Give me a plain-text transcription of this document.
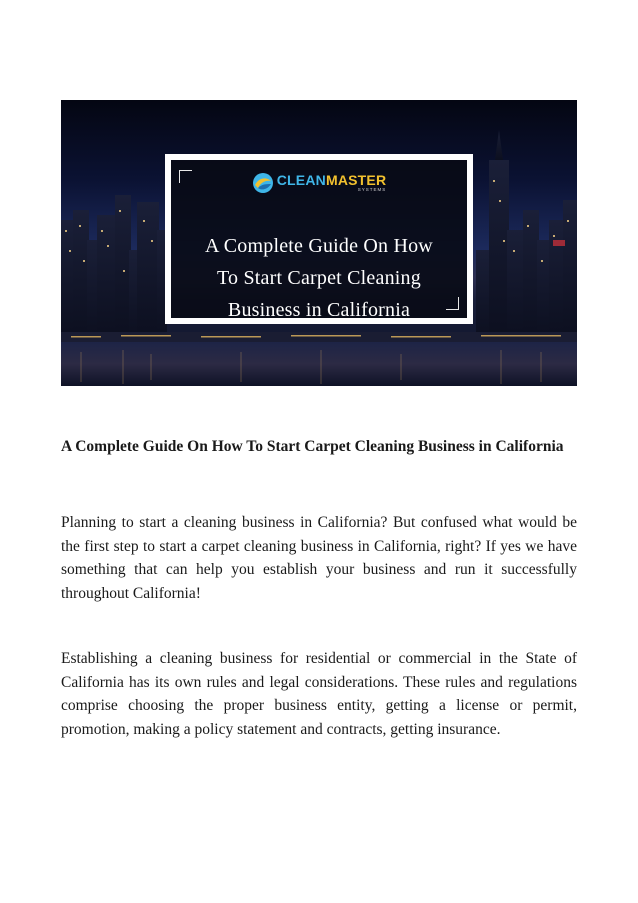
CLEANMASTER
SYSTEMS
A Complete Guide On How
To Start Carpet Cleaning
Business in California
A Complete Guide On How To Start Carpet Cleaning Business in California

Planning to start a cleaning business in California? But confused what would be the first step to start a carpet cleaning business in California, right? If yes we have something that can help you establish your business and run it successfully throughout California!

Establishing a cleaning business for residential or commercial in the State of California has its own rules and legal considerations. These rules and regulations comprise choosing the proper business entity, getting a license or permit, promotion, making a policy statement and contracts, getting insurance.
